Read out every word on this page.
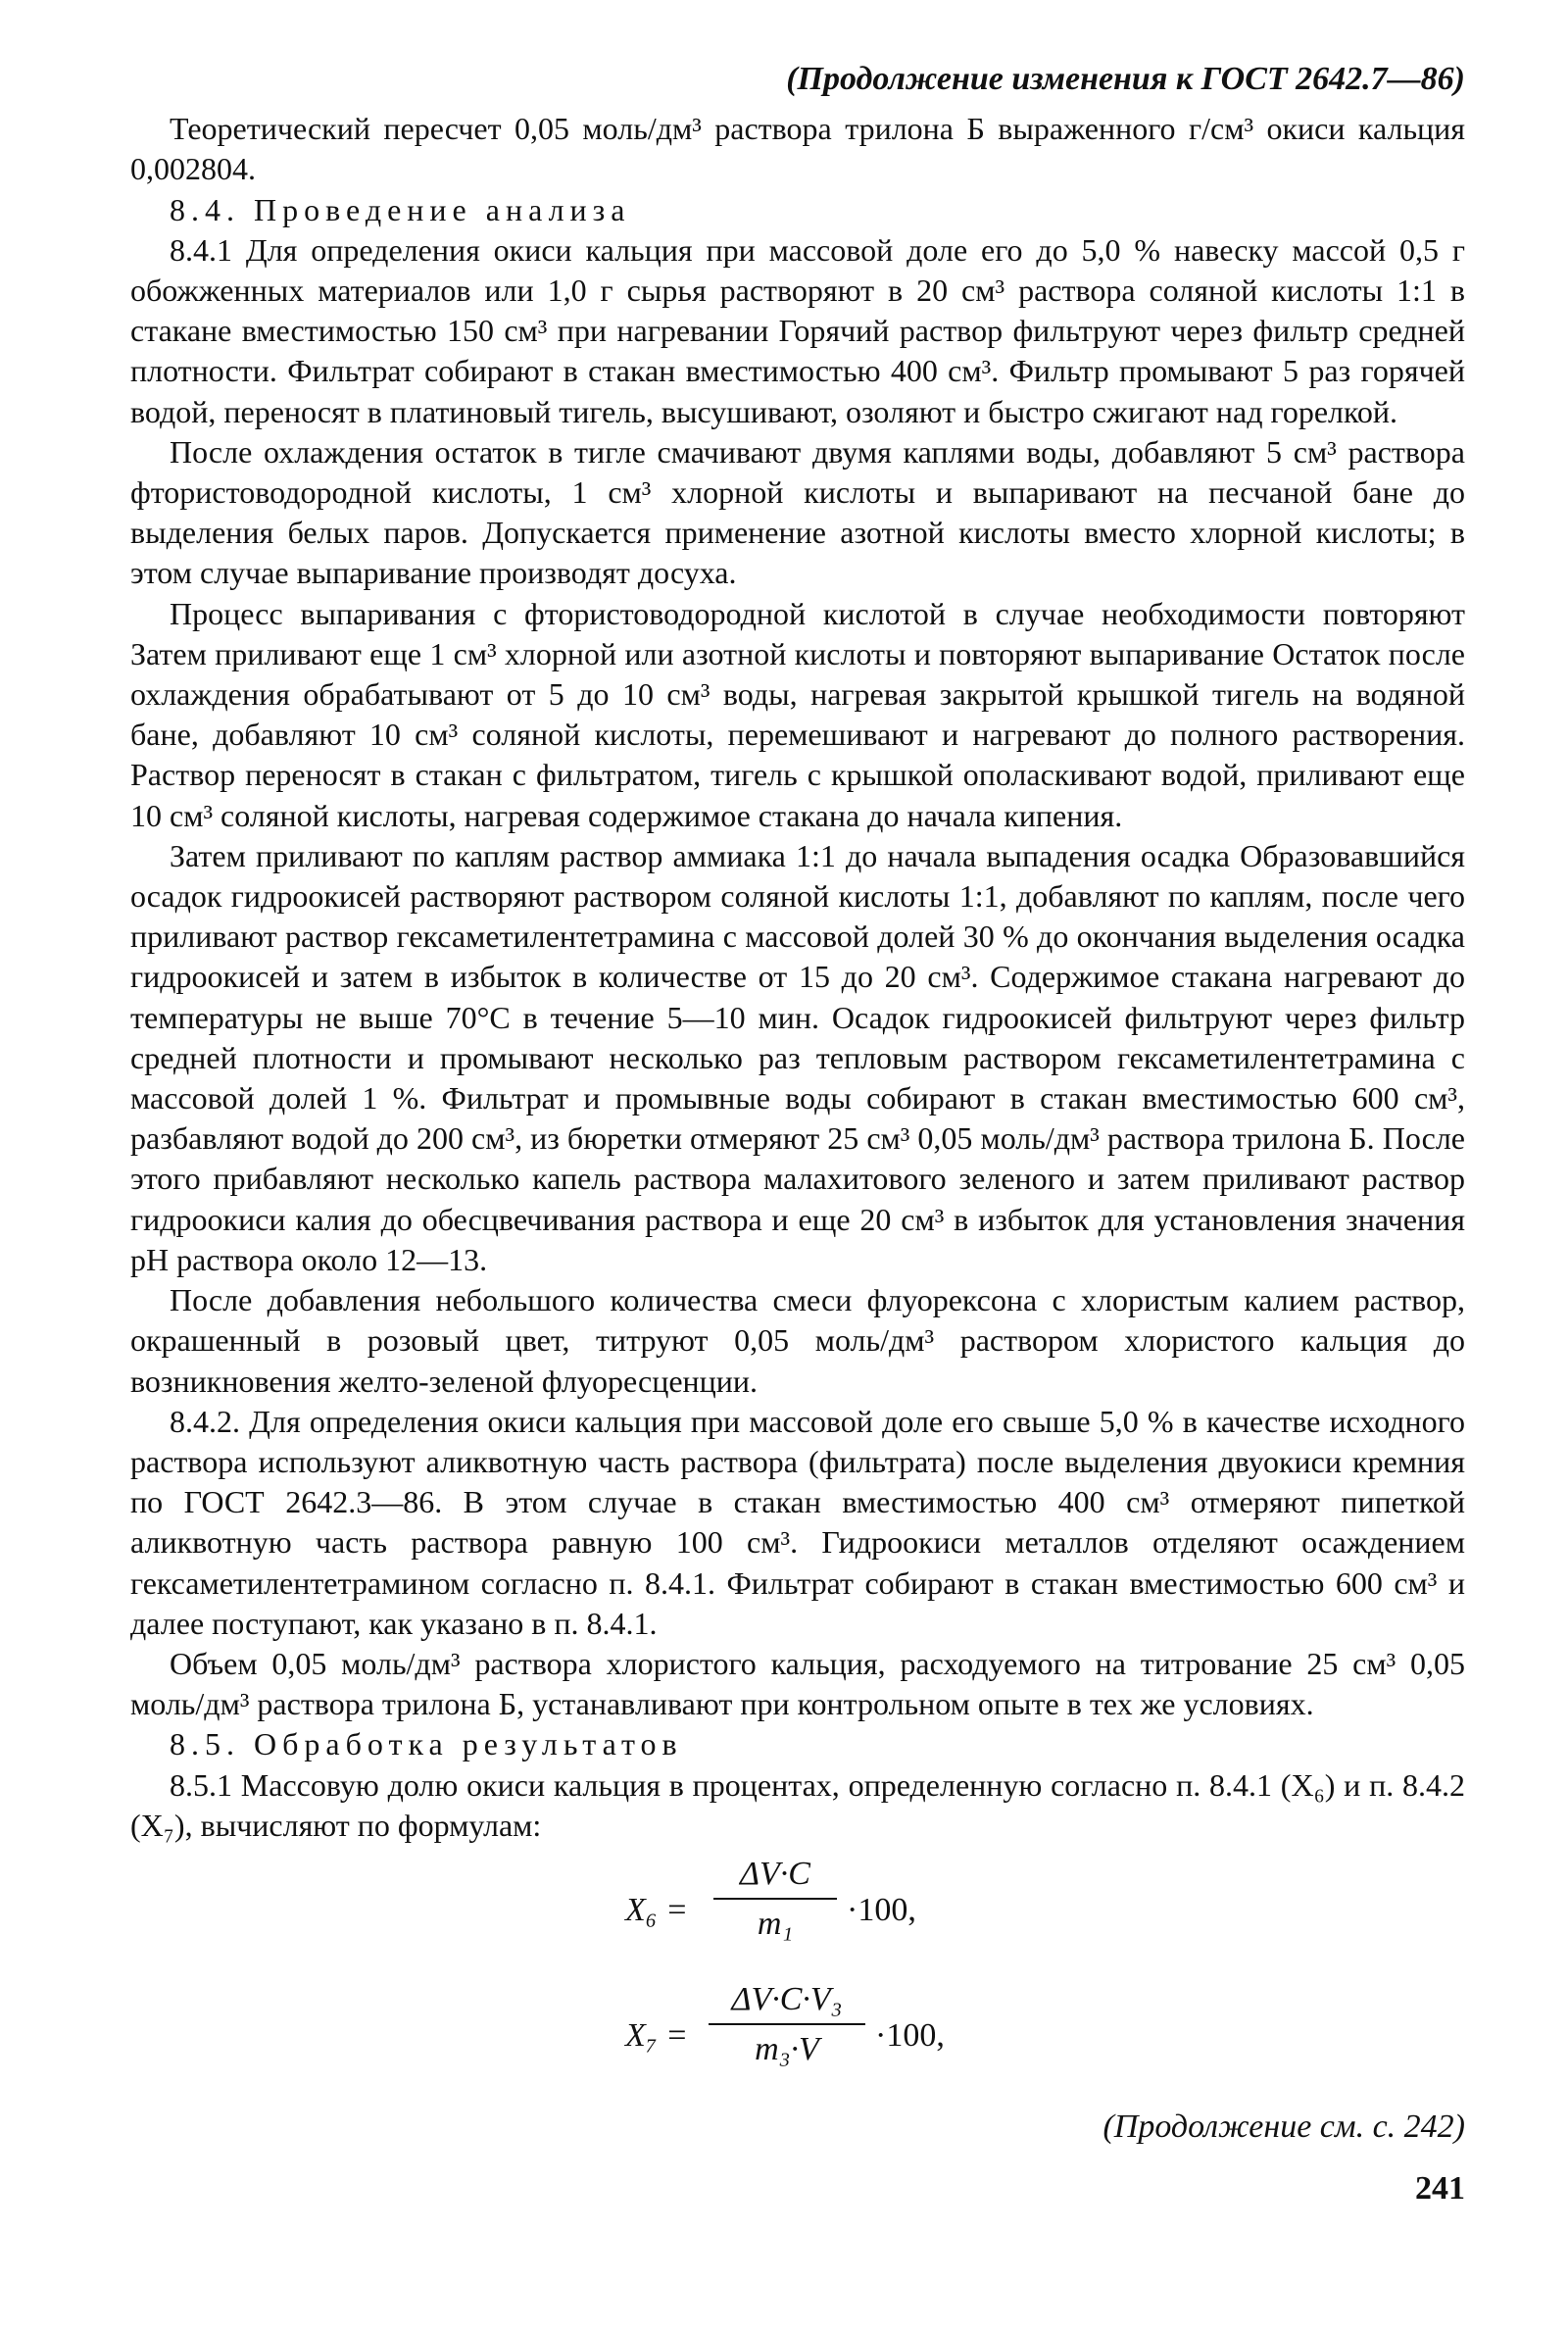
(Продолжение изменения к ГОСТ 2642.7—86)

Теоретический пересчет 0,05 моль/дм³ раствора трилона Б выраженного г/см³ окиси кальция 0,002804.

8.4. Проведение анализа

8.4.1 Для определения окиси кальция при массовой доле его до 5,0 % навеску массой 0,5 г обожженных материалов или 1,0 г сырья растворяют в 20 см³ раствора соляной кислоты 1:1 в стакане вместимостью 150 см³ при нагревании Горячий раствор фильтруют через фильтр средней плотности. Фильтрат собирают в стакан вместимостью 400 см³. Фильтр промывают 5 раз горячей водой, переносят в платиновый тигель, высушивают, озоляют и быстро сжигают над горелкой.

После охлаждения остаток в тигле смачивают двумя каплями воды, добавляют 5 см³ раствора фтористоводородной кислоты, 1 см³ хлорной кислоты и выпаривают на песчаной бане до выделения белых паров. Допускается применение азотной кислоты вместо хлорной кислоты; в этом случае выпаривание производят досуха.

Процесс выпаривания с фтористоводородной кислотой в случае необходимости повторяют Затем приливают еще 1 см³ хлорной или азотной кислоты и повторяют выпаривание Остаток после охлаждения обрабатывают от 5 до 10 см³ воды, нагревая закрытой крышкой тигель на водяной бане, добавляют 10 см³ соляной кислоты, перемешивают и нагревают до полного растворения. Раствор переносят в стакан с фильтратом, тигель с крышкой ополаскивают водой, приливают еще 10 см³ соляной кислоты, нагревая содержимое стакана до начала кипения.

Затем приливают по каплям раствор аммиака 1:1 до начала выпадения осадка Образовавшийся осадок гидроокисей растворяют раствором соляной кислоты 1:1, добавляют по каплям, после чего приливают раствор гексаметилентетрамина с массовой долей 30 % до окончания выделения осадка гидроокисей и затем в избыток в количестве от 15 до 20 см³. Содержимое стакана нагревают до температуры не выше 70°С в течение 5—10 мин. Осадок гидроокисей фильтруют через фильтр средней плотности и промывают несколько раз тепловым раствором гексаметилентетрамина с массовой долей 1 %. Фильтрат и промывные воды собирают в стакан вместимостью 600 см³, разбавляют водой до 200 см³, из бюретки отмеряют 25 см³ 0,05 моль/дм³ раствора трилона Б. После этого прибавляют несколько капель раствора малахитового зеленого и затем приливают раствор гидроокиси калия до обесцвечивания раствора и еще 20 см³ в избыток для установления значения рН раствора около 12—13.

После добавления небольшого количества смеси флуорексона с хлористым калием раствор, окрашенный в розовый цвет, титруют 0,05 моль/дм³ раствором хлористого кальция до возникновения желто-зеленой флуоресценции.

8.4.2. Для определения окиси кальция при массовой доле его свыше 5,0 % в качестве исходного раствора используют аликвотную часть раствора (фильтрата) после выделения двуокиси кремния по ГОСТ 2642.3—86. В этом случае в стакан вместимостью 400 см³ отмеряют пипеткой аликвотную часть раствора равную 100 см³. Гидроокиси металлов отделяют осаждением гексаметилентетрамином согласно п. 8.4.1. Фильтрат собирают в стакан вместимостью 600 см³ и далее поступают, как указано в п. 8.4.1.

Объем 0,05 моль/дм³ раствора хлористого кальция, расходуемого на титрование 25 см³ 0,05 моль/дм³ раствора трилона Б, устанавливают при контрольном опыте в тех же условиях.

8.5. Обработка результатов

8.5.1 Массовую долю окиси кальция в процентах, определенную согласно п. 8.4.1 (X₆) и п. 8.4.2 (X₇), вычисляют по формулам:

$X_6 = \frac{\Delta V\cdot C}{\text{m₁}} \cdot 100$,
$X_7 = \frac{\text{ΔV·C·V₃}}{\text{m₃·V}} \cdot 100$,
(Продолжение см. с. 242)
241
